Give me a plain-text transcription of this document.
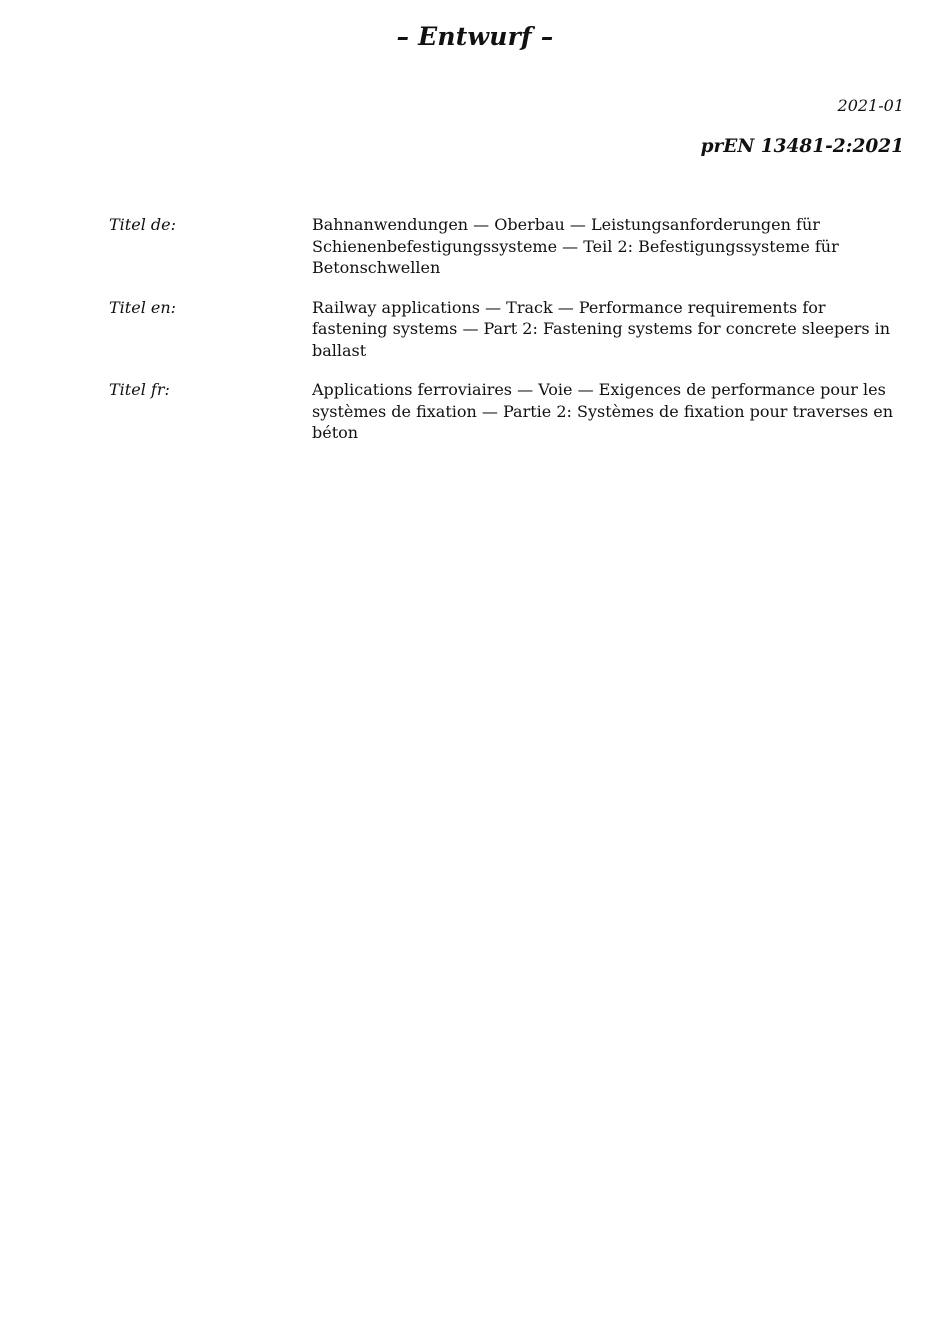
– Entwurf –
2021-01
prEN 13481-2:2021
Titel de:	Bahnanwendungen — Oberbau — Leistungsanforderungen für Schienenbefestigungssysteme — Teil 2: Befestigungssysteme für Betonschwellen
Titel en:	Railway applications — Track — Performance requirements for fastening systems — Part 2: Fastening systems for concrete sleepers in ballast
Titel fr:	Applications ferroviaires — Voie — Exigences de performance pour les systèmes de fixation — Partie 2: Systèmes de fixation pour traverses en béton
